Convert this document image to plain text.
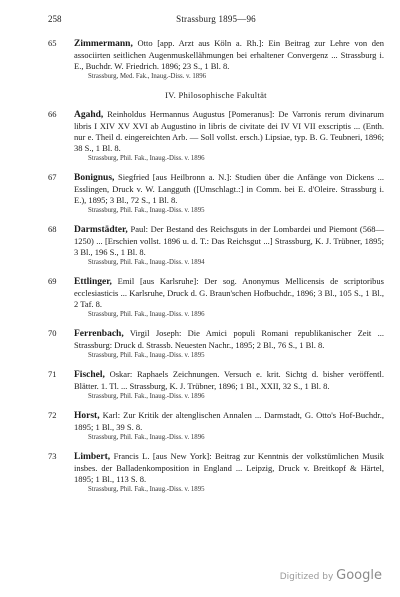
258	Strassburg 1895—96
65 Zimmermann, Otto [app. Arzt aus Köln a. Rh.]: Ein Beitrag zur Lehre von den associirten seitlichen Augenmuskellähmungen bei erhaltener Convergenz ... Strassburg i. E., Buchdr. W. Friedrich. 1896; 23 S., 1 Bl. 8.
Strassburg, Med. Fak., Inaug.-Diss. v. 1896
IV. Philosophische Fakultät
66 Agahd, Reinholdus Hermannus Augustus [Pomeranus]: De Varronis rerum divinarum libris I XIV XV XVI ab Augustino in libris de civitate dei IV VI VII exscriptis ... (Enth. nur e. Theil d. eingereichten Arb. — Soll vollst. ersch.) Lipsiae, typ. B. G. Teubneri, 1896; 38 S., 1 Bl. 8.
Strassburg, Phil. Fak., Inaug.-Diss. v. 1896
67 Bonignus, Siegfried [aus Heilbronn a. N.]: Studien über die Anfänge von Dickens ... Esslingen, Druck v. W. Langguth ([Umschlagt.:] in Comm. bei E. d'Oleire. Strassburg i. E.), 1895; 3 Bl., 72 S., 1 Bl. 8.
Strassburg, Phil. Fak., Inaug.-Diss. v. 1895
68 Darmstädter, Paul: Der Bestand des Reichsguts in der Lombardei und Piemont (568—1250) ... [Erschien vollst. 1896 u. d. T.: Das Reichsgut ...] Strassburg, K. J. Trübner, 1895; 3 Bl., 196 S., 1 Bl. 8.
Strassburg, Phil. Fak., Inaug.-Diss. v. 1894
69 Ettlinger, Emil [aus Karlsruhe]: Der sog. Anonymus Mellicensis de scriptoribus ecclesiasticis ... Karlsruhe, Druck d. G. Braun'schen Hofbuchdr., 1896; 3 Bl., 105 S., 1 Bl., 2 Taf. 8.
Strassburg, Phil. Fak., Inaug.-Diss. v. 1896
70 Ferrenbach, Virgil Joseph: Die Amici populi Romani republikanischer Zeit ... Strassburg: Druck d. Strassb. Neuesten Nachr., 1895; 2 Bl., 76 S., 1 Bl. 8.
Strassburg, Phil. Fak., Inaug.-Diss. v. 1895
71 Fischel, Oskar: Raphaels Zeichnungen. Versuch e. krit. Sichtg d. bisher veröffentl. Blätter. 1. Tl. ... Strassburg, K. J. Trübner, 1896; 1 Bl., XXII, 32 S., 1 Bl. 8.
Strassburg, Phil. Fak., Inaug.-Diss. v. 1896
72 Horst, Karl: Zur Kritik der altenglischen Annalen ... Darmstadt, G. Otto's Hof-Buchdr., 1895; 1 Bl., 39 S. 8.
Strassburg, Phil. Fak., Inaug.-Diss. v. 1896
73 Limbert, Francis L. [aus New York]: Beitrag zur Kenntnis der volkstümlichen Musik insbes. der Balladenkomposition in England ... Leipzig, Druck v. Breitkopf & Härtel, 1895; 1 Bl., 113 S. 8.
Strassburg, Phil. Fak., Inaug.-Diss. v. 1895
Digitized by Google
